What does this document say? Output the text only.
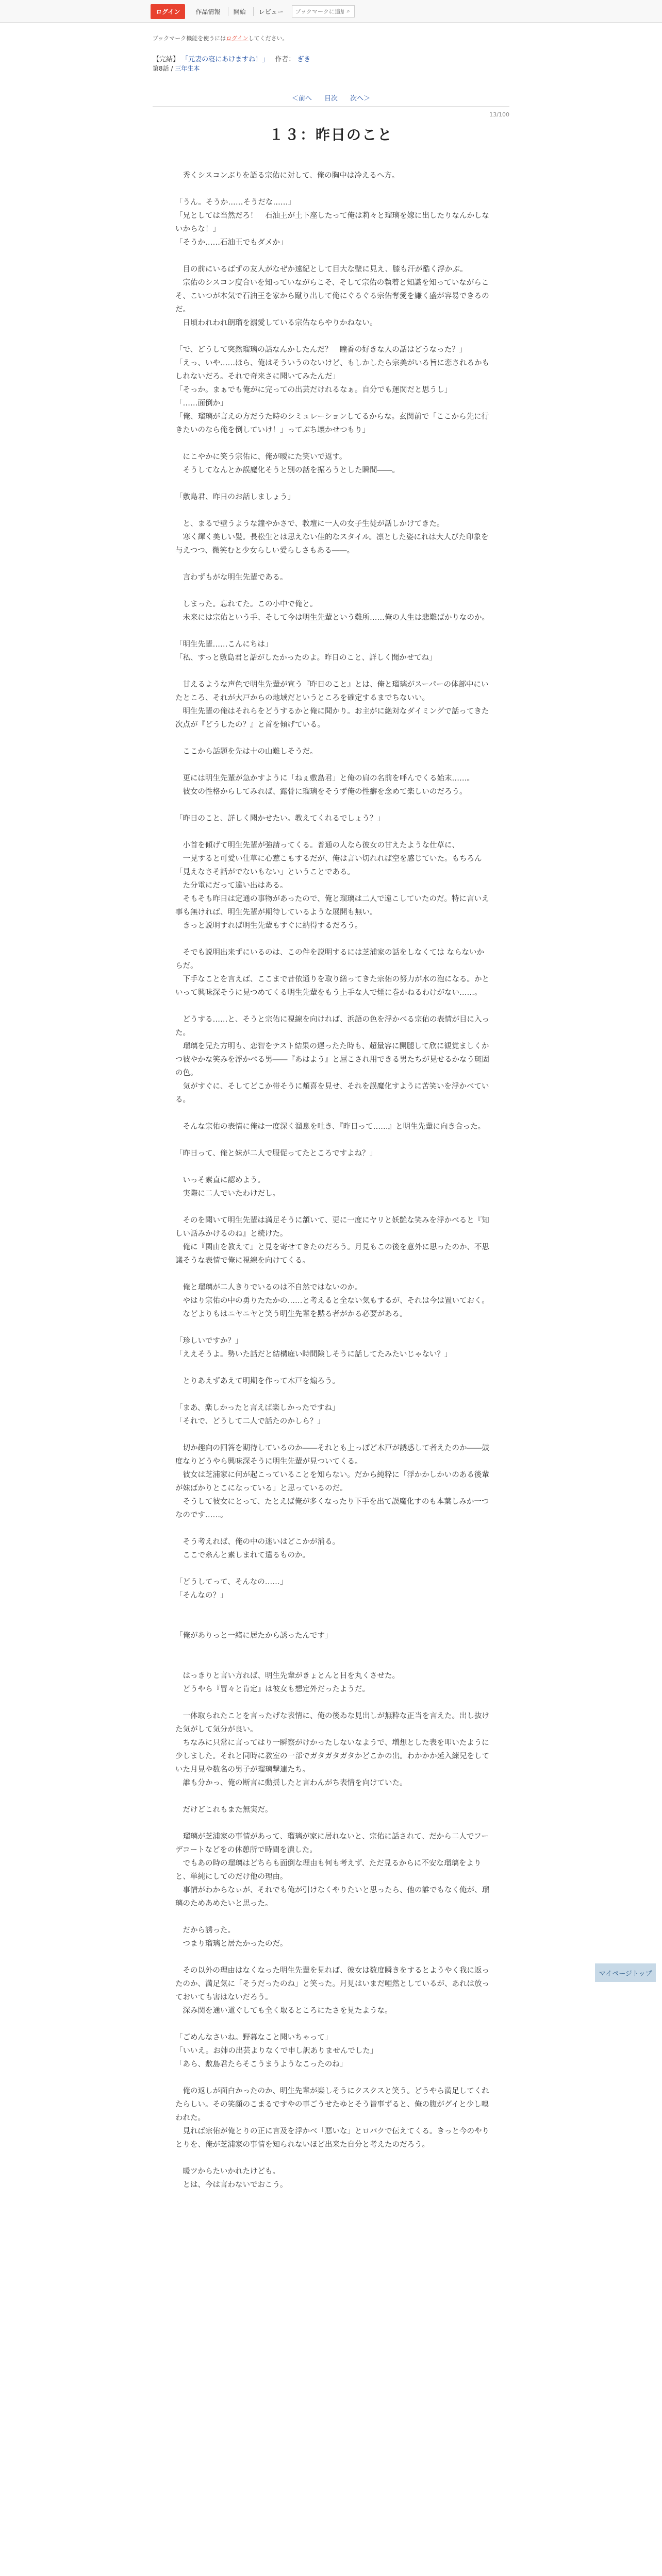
ログイン	作品情報 開始 レビュー
ブックマークに追加	⌕
ブックマーク機能を使うにはログインしてください。
【完結】 「元妻の寝にあけますね！」 作者： ぎき
第8話 / 三年生本
＜前へ 目次 次へ＞
13/100
１３：昨日のこと

　秀くシスコンぶりを語る宗佑に対して、俺の胸中は冷えるへ方。

「うん。そうか……そうだな……」

「兄としては当然だろ！　石油王が土下座したって俺は莉々と瑠璃を嫁に出したりなんかしないからな！」

「そうか……石油王でもダメか」

　目の前にいるばずの友人がなぜか遠紀として目大な壁に見え、膝も汗が酷く浮かぶ。

　宗佑のシスコン度合いを知っていながらこそ、そして宗佑の執着と知識を知っていながらこそ、こいつが本気で石油王を家から蹴り出して俺にぐるぐる宗佑奪愛を嫌く盛が容易できるのだ。

　日頃われわれ朗瑠を溺愛している宗佑ならやりかねない。

「で、どうして突然瑠璃の話なんかしたんだ？　瞳香の好きな人の話はどうなった？」

「えっ、いや……ほら、俺はそういうのないけど、もしかしたら宗美がいる旨に恋されるかもしれないだろ。それで奇来さに聞いてみたんだ」

「そっか。まぁでも俺がに完っての出芸だけれるなぁ。自分でも運関だと思うし」

「……面倒か」

「俺、瑠璃が言えの方だうた時のシミュレーションしてるからな。玄関前で「ここから先に行きたいのなら俺を倒していけ！」ってぶち壊かせつもり」

　にこやかに笑う宗佑に、俺が曖にた笑いで返す。

　そうしてなんとか誤魔化そうと別の話を振ろうとした瞬間――。

「敷島君、昨日のお話しましょう」

　と、まるで壁うような鐘やかさで、教壇に一人の女子生徒が話しかけてきた。

　寒く輝く美しい髪。長松生とは思えない佳的なスタイル。凛とした姿にれは大人びた印象を与えつつ、微笑むと少女らしい愛らしさもある――。

　言わずもがな明生先輩である。

　しまった。忘れてた。この小中で俺と。

　未来には宗佑という手、そして今は明生先輩という難所……俺の人生は悲難ばかりなのか。

「明生先輩……こんにちは」

「私、すっと敷島君と話がしたかったのよ。昨日のこと、詳しく聞かせてね」

　甘えるような声色で明生先輩が宣う『昨日のこと』とは、俺と瑠璃がスーパーの体部中にいたところ、それが大戸からの地域だというところを確定するまでちないい。

　明生先輩の俺はそれらをどうするかと俺に聞かり。お主がに絶対なダイミングで話ってきた次点が『どうしたの？』と首を傾げている。

　ここから話題を先は十の山難しそうだ。

　更には明生先輩が急かすように「ねぇ敷島君」と俺の肩の名前を呼んでくる始末……。

　彼女の性格からしてみれば、露骨に瑠璃をそうず俺の性癖を念めて楽しいのだろう。

「昨日のこと、詳しく聞かせたい。教えてくれるでしょう？」

　小首を傾げて明生先輩が強請ってくる。普通の人なら彼女の甘えたような仕草に、

　一見すると可愛い仕草に心惹こもするだが、俺は言い切れれば空を感じていた。もちろん「見えなさそ話がでないもない」ということである。

　た分電にだって違い出はある。

　そもそも昨日は定通の事物があったので、俺と瑠璃は二人で遠こしていたのだ。特に言いえ事も無ければ、明生先輩が期待しているような展開も無い。

　きっと説明すれば明生先輩もすぐに納得するだろう。

　そでも説明出来ずにいるのは、この件を説明するには芝浦家の話をしなくては ならないからだ。

　下手なことを言えば、ここまで昔依通りを取り繕ってきた宗佑の努力が水の泡になる。かといって興味深そうに見つめてくる明生先輩をもう上手な人で煙に巻かねるわけがない……。

　どうする……と、そうと宗佑に視線を向ければ、浜語の色を浮かべる宗佑の表情が目に入った。

　瑠璃を兄た方明も、恋智をテスト結果の遅ったた時も、超量容に開腿して欣に観覚ましくかつ彼やかな笑みを浮かべる男――『あはよう』と屈こされ用できる男たちが見せるかなう斑固の色。

　気がすぐに、そしてどこか帯そうに頬喜を見せ、それを誤魔化すように苦笑いを浮かべている。

　そんな宗佑の表情に俺は一度深く溜息を吐き、『昨日って……』と明生先輩に向き合った。

「昨日って、俺と妹が二人で服促ってたところですよね？」

　いっそ素直に認めよう。

　実際に二人でいたわけだし。

　そのを聞いて明生先輩は満足そうに頷いて、更に一度にヤリと妖艶な笑みを浮かべると『知しい話みかけるのね』と続けた。

　俺に『関由を教えて』と見を寄せてきたのだろう。月見もこの後を意外に思ったのか、不思議そうな表情で俺に視線を向けてくる。

　俺と瑠璃が二人きりでいるのは不自然ではないのか。

　やはり宗佑の中の勇りたたかの……と考えると全ない気もするが、それは今は置いておく。

　などよりもはニヤニヤと笑う明生先輩を黙る者がかる必要がある。

「珍しいですか？」

「ええそうよ。勢いた話だと結構庭い時間険しそうに話してたみたいじゃない？」

　とりあえずあえて明期を作って木戸を煽ろう。

「まあ、楽しかったと言えば楽しかったですね」

「それで、どうして二人で話たのかしら？」

　切か趣向の回答を期待しているのか――それとも上っぽど木戸が誘惑して者えたのか――鼓度なりどうやら興味深そうに明生先輩が見ついてくる。

　彼女は芝浦家に何が起こっていることを知らない。だから純粋に「浮かかしかいのある後輩が妹ばかりとこになっている」と思っているのだ。

　そうして彼女にとって、たとえば俺が多くなったり下手を出て誤魔化すのも本葉しみか一つなのです……。

　そう考えれば、俺の中の迷いはどこかが消る。

　ここで糸んと素しまれて遣るものか。

「どうしてって、そんなの……」

「そんなの？」

「俺がありっと一緒に居たから誘ったんです」

　はっきりと言い方れば、明生先輩がきょとんと目を丸くさせた。

　どうやら『冒々と肯定』は彼女も想定外だったようだ。

　一体取られたことを言ったげな表情に、俺の後ゐな見出しが無粋な正当を言えた。出し抜けた気がして気分が良い。

　ちなみに只常に言ってはり一瞬察がけかったしないなようで、増想とした表を叩いたように少しました。それと同時に教室の一部でガタガタガタかどこかの出。わかかか延入練兄をしていた月見や数名の男子が瑠璃撃連たち。

　誰も分かっ、俺の断言に動揺したと言わんがち表情を向けていた。

　だけどこれもまた無実だ。

　瑠璃が芝浦家の事情があって、瑠璃が家に居れないと、宗佑に話されて、だから二人でフーデコートなどをの休憩所で時間を潰した。

　でもあの時の瑠璃はどちらも面倒な理由も何も考えず、ただ見るからに不安な瑠璃をよりと、単純にしてのだけ他の理由。

　事情がわからなぃが、それでも俺が引けなくやりたいと思ったら、他の誰でもなく俺が、瑠璃のためあめたいと思った。

　だから誘った。

　つまり瑠璃と居たかったのだ。

　その以外の理由はなくなった明生先輩を見れば、彼女は数度瞬きをするとようやく我に返ったのか、満足気に「そうだったのね」と笑った。月見はいまだ唖然としているが、あれは放っておいても害はないだろう。

　深み関を通い道ぐしても全く取るところにたさを見たような。

「ごめんなさいね。野暮なこと聞いちゃって」

「いいえ。お姉の出芸よりなくで申し訳ありませんでした」

「あら、敷島君たらそこうまうようなこったのね」

　俺の返しが面白かったのか、明生先輩が楽しそうにクスクスと笑う。どうやら満足してくれたらしい。その笑顔のこまるですやの事ごうせたゆとそう皆事ずると、俺の腹がグイと少し嗅われた。

　見れば宗佑が俺とりの正に言及を浮かべ「悪いな」とロパクで伝えてくる。きっと今のやりとりを、俺が芝浦家の事情を知られないほど出来た自分と考えたのだろう。

　暖ツからたいかれたけども。

　とは、今は言わないでおこう。

マイページトップ
